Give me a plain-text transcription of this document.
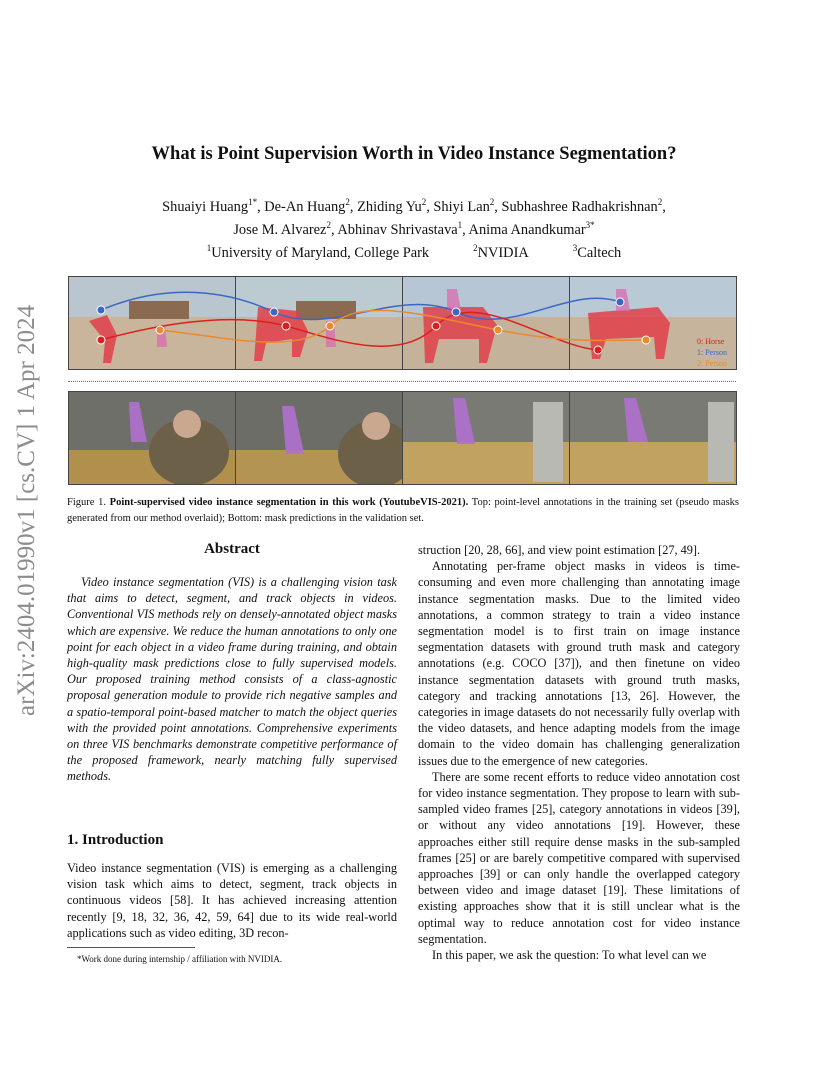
arXiv:2404.01990v1 [cs.CV] 1 Apr 2024
What is Point Supervision Worth in Video Instance Segmentation?
Shuaiyi Huang$^{1*}$, De-An Huang$^2$, Zhiding Yu$^2$, Shiyi Lan$^2$, Subhashree Radhakrishnan$^2$,
Jose M. Alvarez$^2$, Abhinav Shrivastava$^1$, Anima Anandkumar$^{3*}$
$^1$University of Maryland, College Park	$^2$NVIDIA	$^3$Caltech
0: Horse
1: Person
2: Person
Figure 1. Point-supervised video instance segmentation in this work (YoutubeVIS-2021). Top: point-level annotations in the training set (pseudo masks generated from our method overlaid); Bottom: mask predictions in the validation set.
Abstract
Video instance segmentation (VIS) is a challenging vision task that aims to detect, segment, and track objects in videos. Conventional VIS methods rely on densely-annotated object masks which are expensive. We reduce the human annotations to only one point for each object in a video frame during training, and obtain high-quality mask predictions close to fully supervised models. Our proposed training method consists of a class-agnostic proposal generation module to provide rich negative samples and a spatio-temporal point-based matcher to match the object queries with the provided point annotations. Comprehensive experiments on three VIS benchmarks demonstrate competitive performance of the proposed framework, nearly matching fully supervised methods.
1. Introduction
Video instance segmentation (VIS) is emerging as a challenging vision task which aims to detect, segment, track objects in continuous videos [58]. It has achieved increasing attention recently [9, 18, 32, 36, 42, 59, 64] due to its wide real-world applications such as video editing, 3D recon-
*Work done during internship / affiliation with NVIDIA.

struction [20, 28, 66], and view point estimation [27, 49].

Annotating per-frame object masks in videos is time-consuming and even more challenging than annotating image instance segmentation masks. Due to the limited video annotations, a common strategy to train a video instance segmentation model is to first train on image instance segmentation datasets with ground truth mask and category annotations (e.g. COCO [37]), and then finetune on video instance segmentation datasets with ground truth masks, category and tracking annotations [13, 26]. However, the categories in image datasets do not necessarily fully overlap with the video datasets, and hence adapting models from the image domain to the video domain has challenging generalization issues due to the emergence of new categories.

There are some recent efforts to reduce video annotation cost for video instance segmentation. They propose to learn with sub-sampled video frames [25], category annotations in videos [39], or without any video annotations [19]. However, these approaches either still require dense masks in the sub-sampled frames [25] or are barely competitive compared with supervised approaches [39] or can only handle the overlapped category between video and image dataset [19]. These limitations of existing approaches show that it is still unclear what is the optimal way to reduce annotation cost for video instance segmentation.

In this paper, we ask the question: To what level can we
